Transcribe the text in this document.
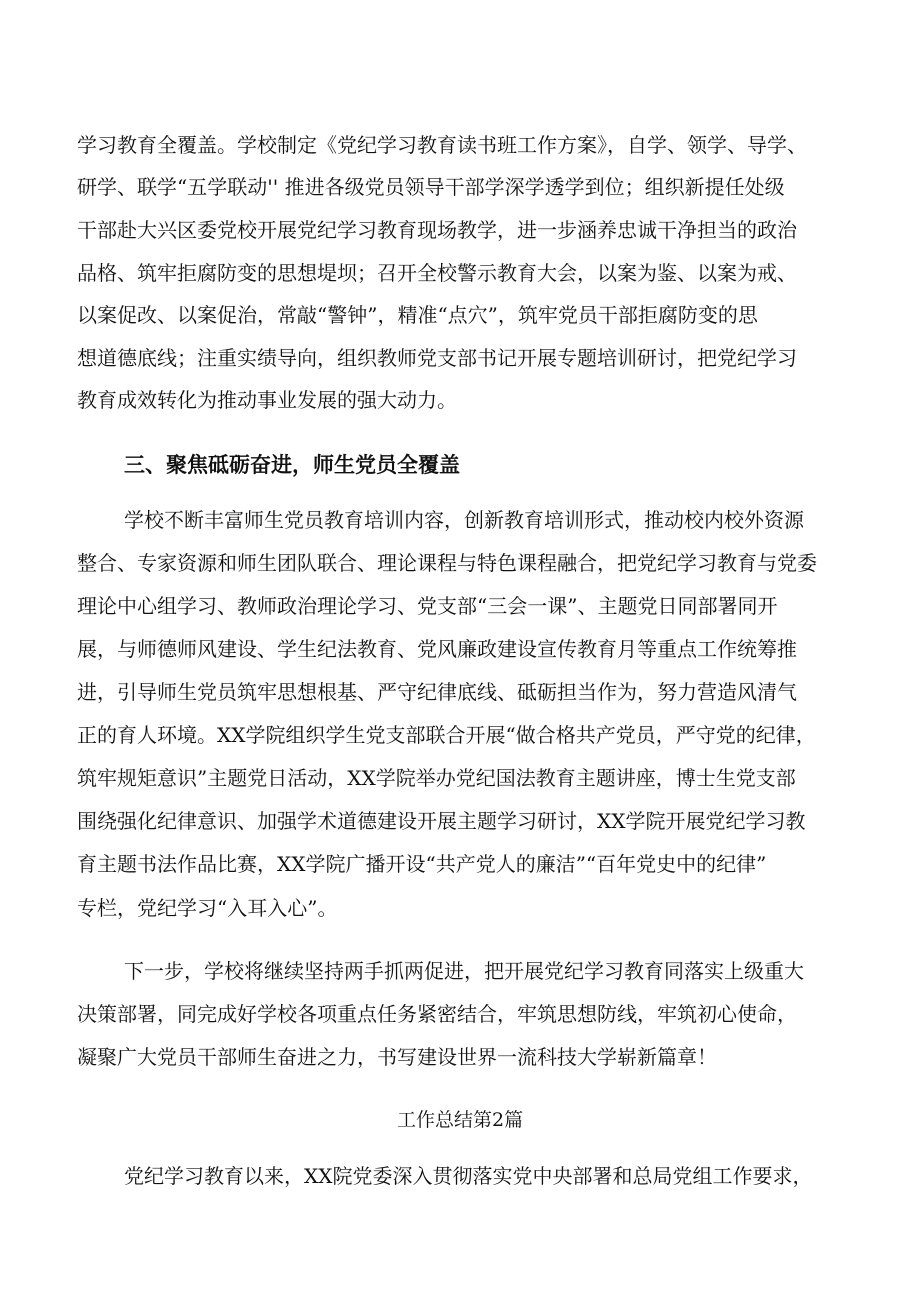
学习教育全覆盖。学校制定《党纪学习教育读书班工作方案》，自学、领学、导学、
研学、联学“五学联动'' 推进各级党员领导干部学深学透学到位；组织新提任处级
干部赴大兴区委党校开展党纪学习教育现场教学，进一步涵养忠诚干净担当的政治
品格、筑牢拒腐防变的思想堤坝；召开全校警示教育大会，以案为鉴、以案为戒、
以案促改、以案促治，常敲“警钟”，精准“点穴”，筑牢党员干部拒腐防变的思
想道德底线；注重实绩导向，组织教师党支部书记开展专题培训研讨，把党纪学习
教育成效转化为推动事业发展的强大动力。
三、聚焦砥砺奋进，师生党员全覆盖
学校不断丰富师生党员教育培训内容，创新教育培训形式，推动校内校外资源
整合、专家资源和师生团队联合、理论课程与特色课程融合，把党纪学习教育与党委
理论中心组学习、教师政治理论学习、党支部“三会一课”、主题党日同部署同开
展，与师德师风建设、学生纪法教育、党风廉政建设宣传教育月等重点工作统筹推
进，引导师生党员筑牢思想根基、严守纪律底线、砥砺担当作为，努力营造风清气
正的育人环境。XX学院组织学生党支部联合开展“做合格共产党员，严守党的纪律，
筑牢规矩意识”主题党日活动，XX学院举办党纪国法教育主题讲座，博士生党支部
围绕强化纪律意识、加强学术道德建设开展主题学习研讨，XX学院开展党纪学习教
育主题书法作品比赛，XX学院广播开设“共产党人的廉洁”“百年党史中的纪律”
专栏，党纪学习“入耳入心”。
下一步，学校将继续坚持两手抓两促进，把开展党纪学习教育同落实上级重大
决策部署，同完成好学校各项重点任务紧密结合，牢筑思想防线，牢筑初心使命，
凝聚广大党员干部师生奋进之力，书写建设世界一流科技大学崭新篇章！
工作总结第2篇
党纪学习教育以来，XX院党委深入贯彻落实党中央部署和总局党组工作要求，
